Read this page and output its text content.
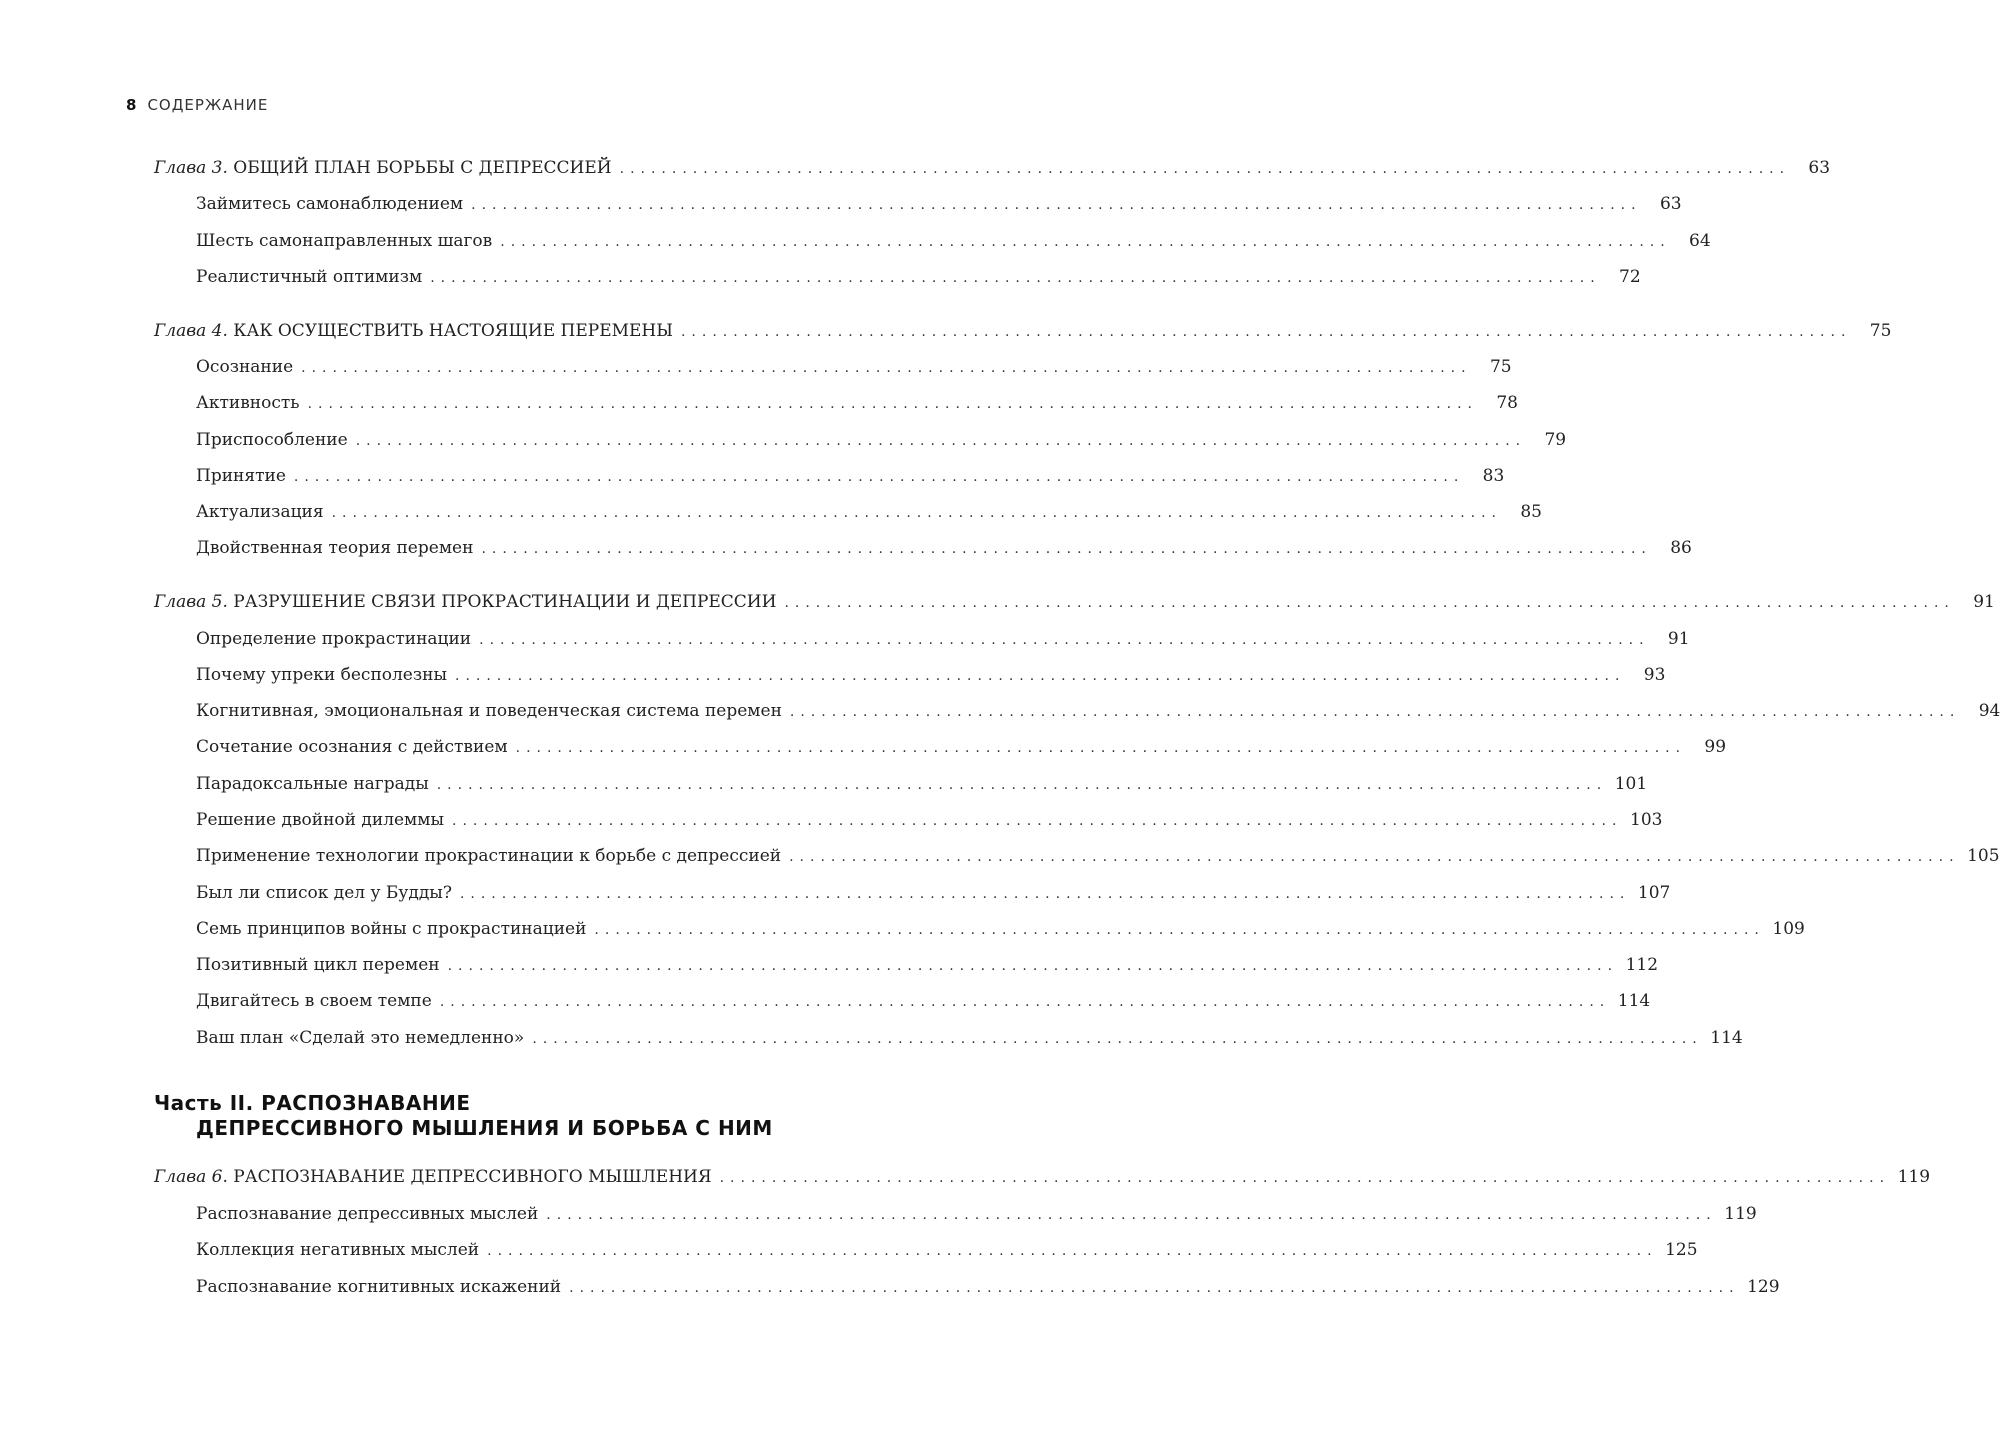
8 СОДЕРЖАНИЕ
Глава 3. ОБЩИЙ ПЛАН БОРЬБЫ С ДЕПРЕССИЕЙ ................................................................................................................	63
Займитесь самонаблюдением ................................................................................................................	63
Шесть самонаправленных шагов ................................................................................................................	64
Реалистичный оптимизм ................................................................................................................	72
Глава 4. КАК ОСУЩЕСТВИТЬ НАСТОЯЩИЕ ПЕРЕМЕНЫ ................................................................................................................	75
Осознание ................................................................................................................	75
Активность ................................................................................................................	78
Приспособление ................................................................................................................	79
Принятие ................................................................................................................	83
Актуализация ................................................................................................................	85
Двойственная теория перемен ................................................................................................................	86
Глава 5. РАЗРУШЕНИЕ СВЯЗИ ПРОКРАСТИНАЦИИ И ДЕПРЕССИИ ................................................................................................................	91
Определение прокрастинации ................................................................................................................	91
Почему упреки бесполезны ................................................................................................................	93
Когнитивная, эмоциональная и поведенческая система перемен ................................................................................................................	94
Сочетание осознания с действием ................................................................................................................	99
Парадоксальные награды ................................................................................................................ 101
Решение двойной дилеммы ................................................................................................................ 103
Применение технологии прокрастинации к борьбе с депрессией ................................................................................................................ 105
Был ли список дел у Будды? ................................................................................................................ 107
Семь принципов войны с прокрастинацией ................................................................................................................ 109
Позитивный цикл перемен ................................................................................................................ 112
Двигайтесь в своем темпе ................................................................................................................ 114
Ваш план «Сделай это немедленно» ................................................................................................................ 114
Часть II. РАСПОЗНАВАНИЕ
ДЕПРЕССИВНОГО МЫШЛЕНИЯ И БОРЬБА С НИМ
Глава 6. РАСПОЗНАВАНИЕ ДЕПРЕССИВНОГО МЫШЛЕНИЯ ................................................................................................................ 119
Распознавание депрессивных мыслей ................................................................................................................ 119
Коллекция негативных мыслей ................................................................................................................ 125
Распознавание когнитивных искажений ................................................................................................................ 129
